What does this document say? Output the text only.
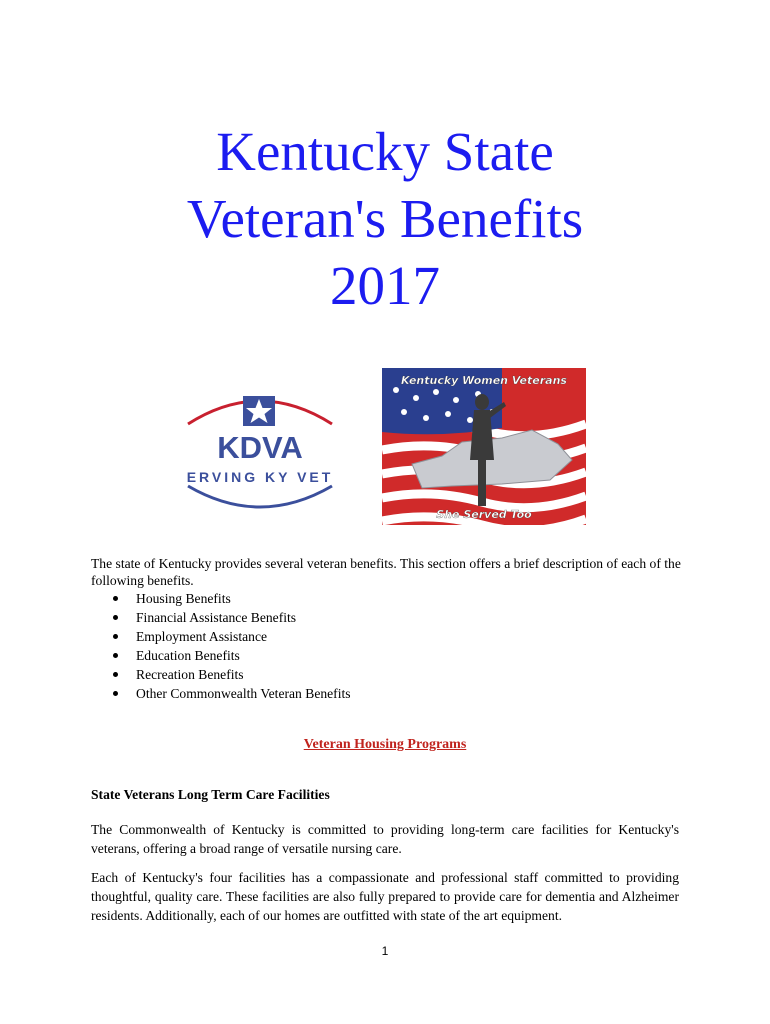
Kentucky State
Veteran's Benefits
2017
KDVA
ERVING KY VET
Kentucky Women Veterans
She Served Too

The state of Kentucky provides several veteran benefits. This section offers a brief description of each of the following benefits.

Housing Benefits
Financial Assistance Benefits
Employment Assistance
Education Benefits
Recreation Benefits
Other Commonwealth Veteran Benefits
Veteran Housing Programs
State Veterans Long Term Care Facilities

The Commonwealth of Kentucky is committed to providing long-term care facilities for Kentucky's veterans, offering a broad range of versatile nursing care.

Each of Kentucky's four facilities has a compassionate and professional staff committed to providing thoughtful, quality care. These facilities are also fully prepared to provide care for dementia and Alzheimer residents. Additionally, each of our homes are outfitted with state of the art equipment.

1
